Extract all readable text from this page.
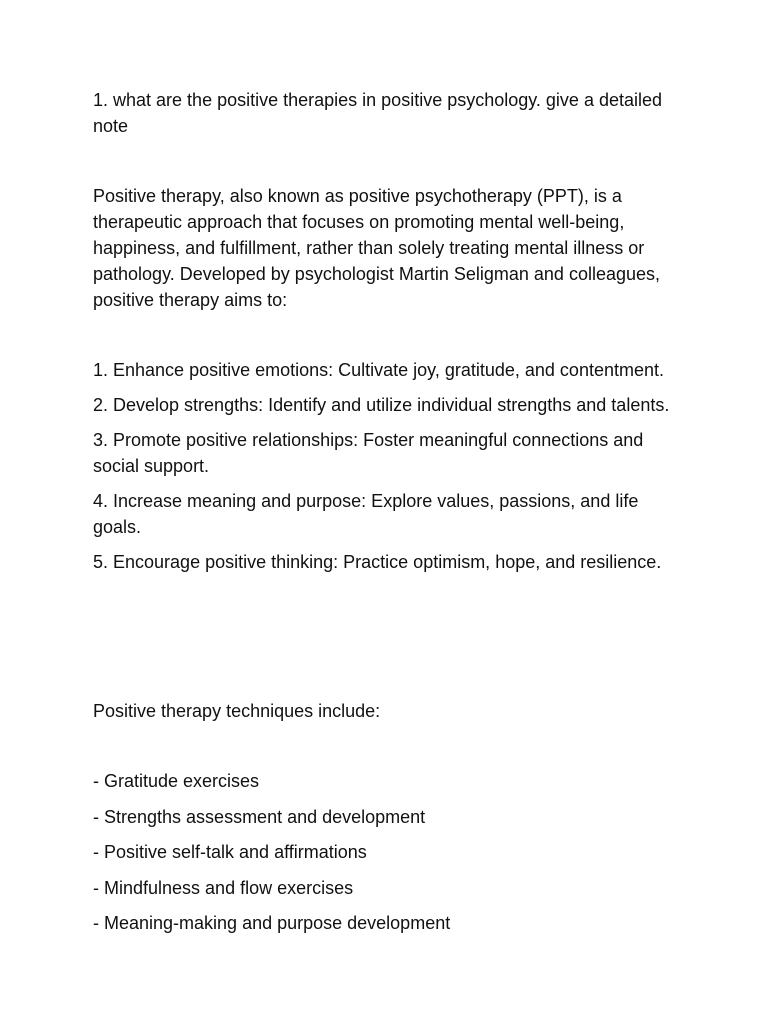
1. what are the positive therapies in positive psychology. give a detailed note

Positive therapy, also known as positive psychotherapy (PPT), is a therapeutic approach that focuses on promoting mental well-being, happiness, and fulfillment, rather than solely treating mental illness or pathology. Developed by psychologist Martin Seligman and colleagues, positive therapy aims to:

1. Enhance positive emotions: Cultivate joy, gratitude, and contentment.
2. Develop strengths: Identify and utilize individual strengths and talents.
3. Promote positive relationships: Foster meaningful connections and social support.
4. Increase meaning and purpose: Explore values, passions, and life goals.
5. Encourage positive thinking: Practice optimism, hope, and resilience.

Positive therapy techniques include:

- Gratitude exercises
- Strengths assessment and development
- Positive self-talk and affirmations
- Mindfulness and flow exercises
- Meaning-making and purpose development
